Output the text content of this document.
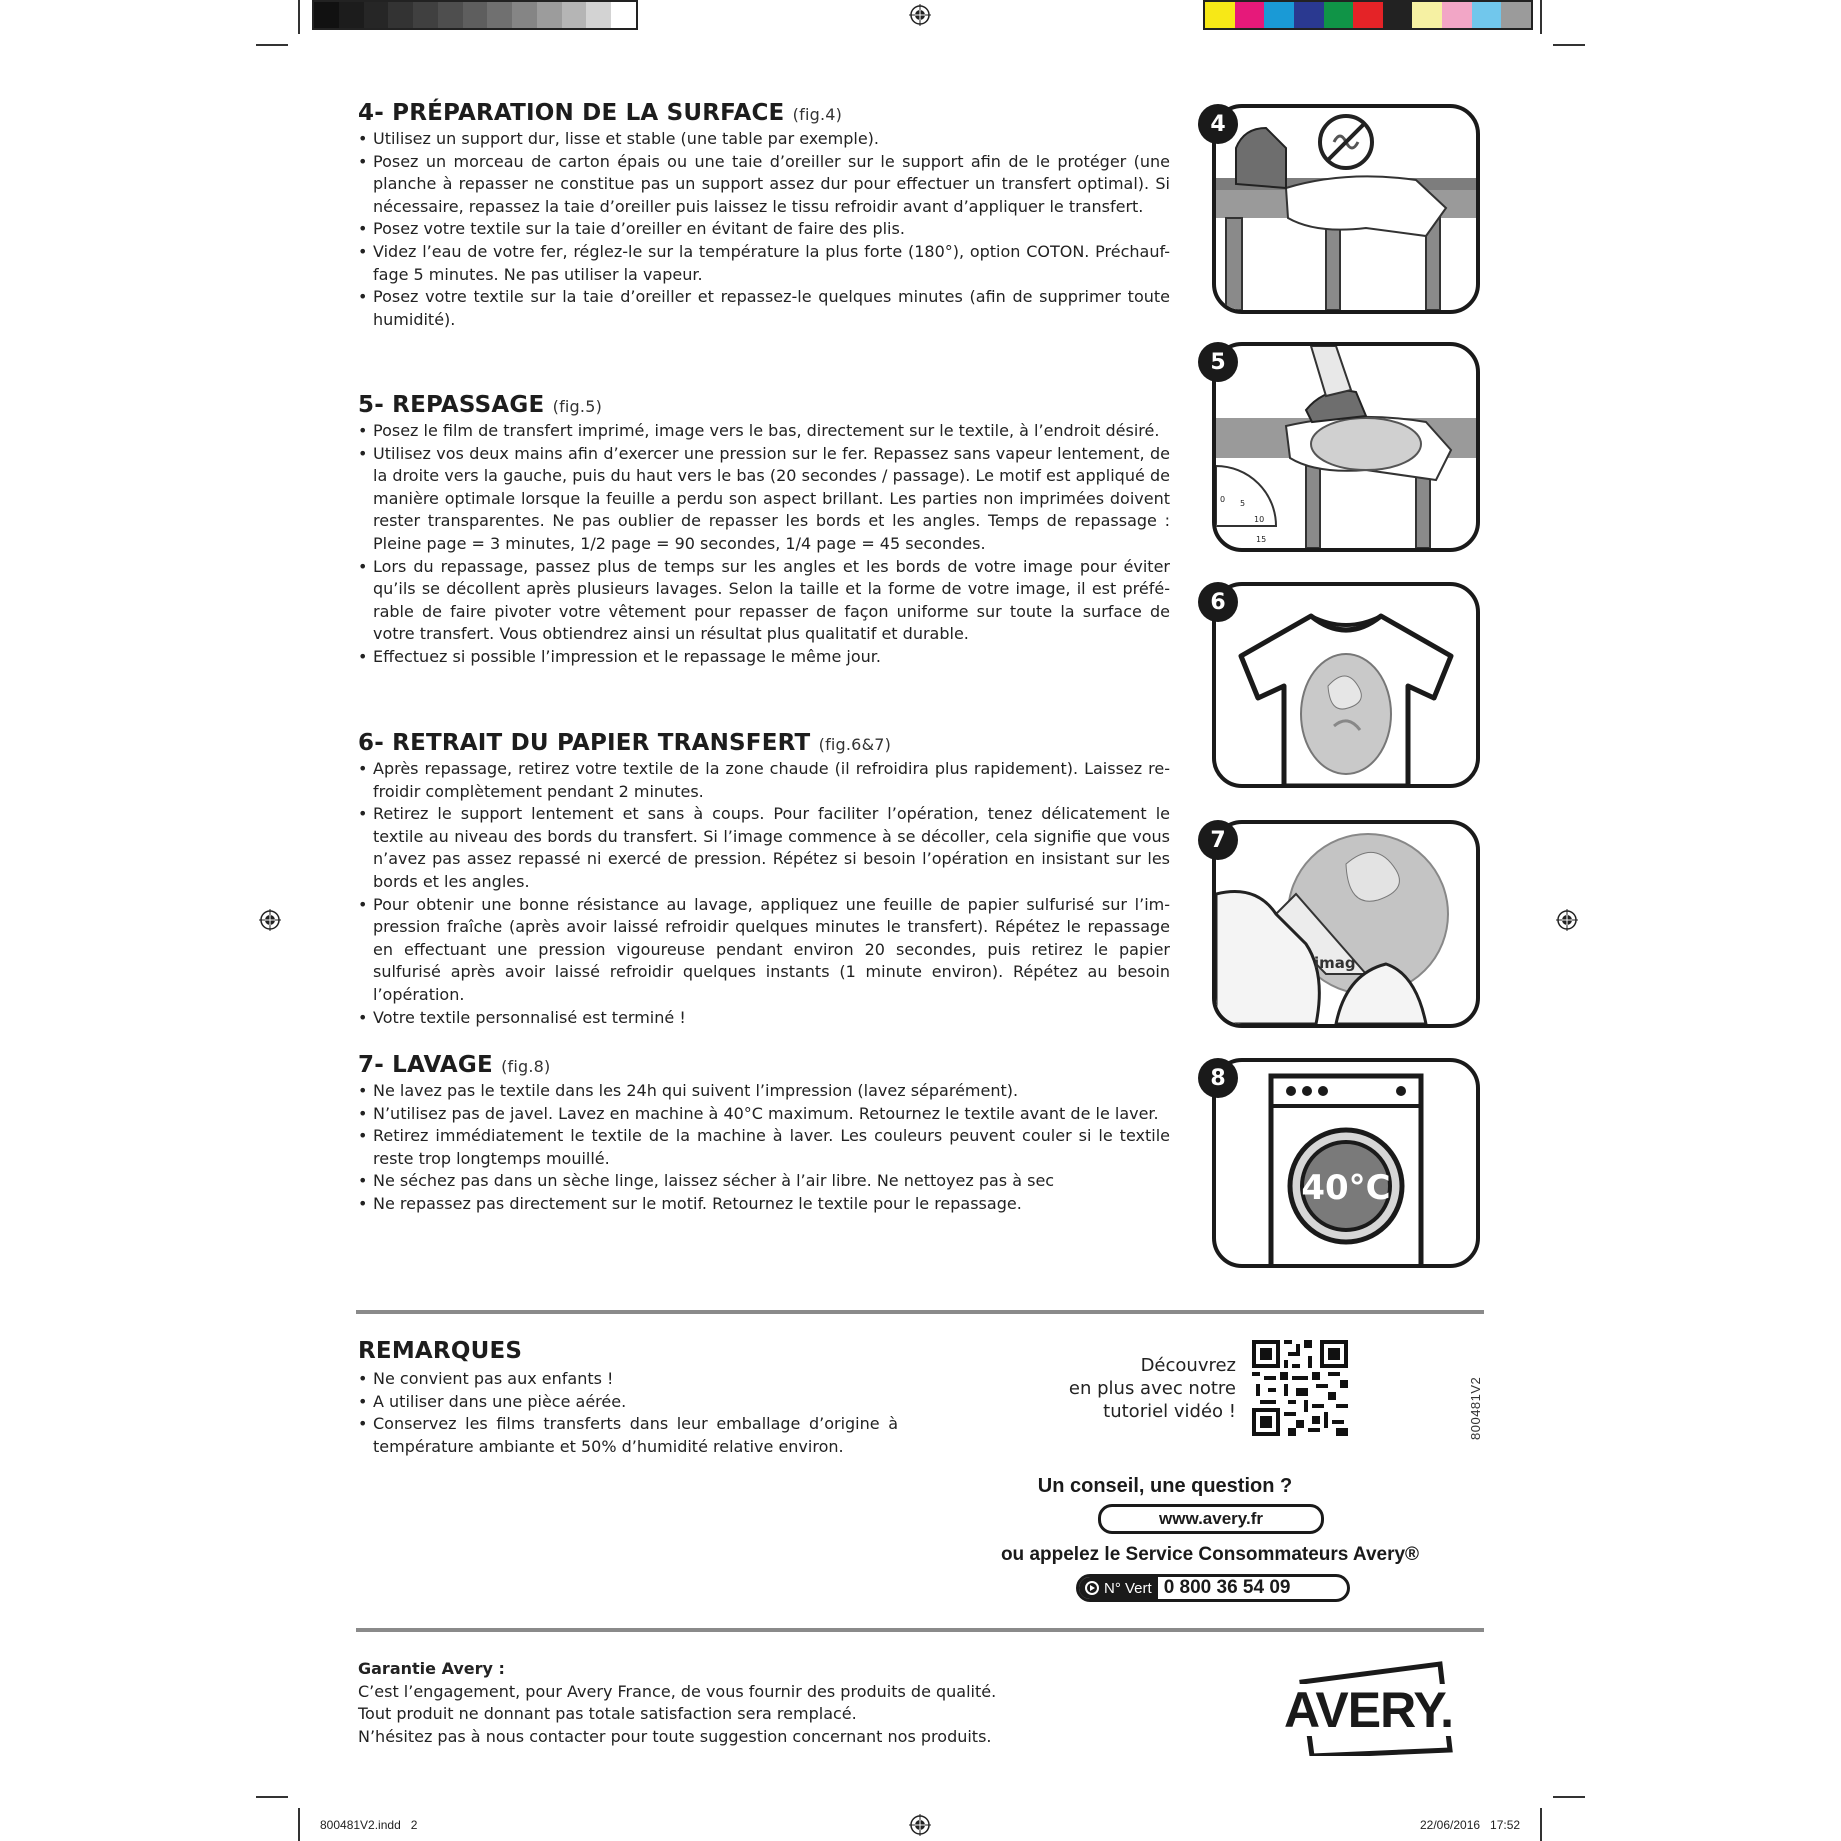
4- PRÉPARATION DE LA SURFACE (fig.4)
• Utilisez un support dur, lisse et stable (une table par exemple).
• Posez un morceau de carton épais ou une taie d’oreiller sur le support afin de le protéger (une planche à repasser ne constitue pas un support assez dur pour effectuer un transfert optimal). Si nécessaire, repassez la taie d’oreiller puis laissez le tissu refroidir avant d’appliquer le transfert.
• Posez votre textile sur la taie d’oreiller en évitant de faire des plis.
• Videz l’eau de votre fer, réglez-le sur la température la plus forte (180°), option COTON. Préchauf-fage 5 minutes. Ne pas utiliser la vapeur.
• Posez votre textile sur la taie d’oreiller et repassez-le quelques minutes (afin de supprimer toute humidité).
5- REPASSAGE (fig.5)
• Posez le film de transfert imprimé, image vers le bas, directement sur le textile, à l’endroit désiré.
• Utilisez vos deux mains afin d’exercer une pression sur le fer. Repassez sans vapeur lentement, de la droite vers la gauche, puis du haut vers le bas (20 secondes / passage). Le motif est appliqué de manière optimale lorsque la feuille a perdu son aspect brillant. Les parties non imprimées doivent rester transparentes. Ne pas oublier de repasser les bords et les angles. Temps de repassage : Pleine page = 3 minutes, 1/2 page = 90 secondes, 1/4 page = 45 secondes.
• Lors du repassage, passez plus de temps sur les angles et les bords de votre image pour éviter qu’ils se décollent après plusieurs lavages. Selon la taille et la forme de votre image, il est préfé-rable de faire pivoter votre vêtement pour repasser de façon uniforme sur toute la surface de votre transfert. Vous obtiendrez ainsi un résultat plus qualitatif et durable.
• Effectuez si possible l’impression et le repassage le même jour.
6- RETRAIT DU PAPIER TRANSFERT (fig.6&7)
• Après repassage, retirez votre textile de la zone chaude (il refroidira plus rapidement). Laissez re-froidir complètement pendant 2 minutes.
• Retirez le support lentement et sans à coups. Pour faciliter l’opération, tenez délicatement le textile au niveau des bords du transfert. Si l’image commence à se décoller, cela signifie que vous n’avez pas assez repassé ni exercé de pression. Répétez si besoin l’opération en insistant sur les bords et les angles.
• Pour obtenir une bonne résistance au lavage, appliquez une feuille de papier sulfurisé sur l’im-pression fraîche (après avoir laissé refroidir quelques minutes le transfert). Répétez le repassage en effectuant une pression vigoureuse pendant environ 20 secondes, puis retirez le papier sulfurisé après avoir laissé refroidir quelques instants (1 minute environ). Répétez au besoin l’opération.
• Votre textile personnalisé est terminé !
7- LAVAGE (fig.8)
• Ne lavez pas le textile dans les 24h qui suivent l’impression (lavez séparément).
• N’utilisez pas de javel. Lavez en machine à 40°C maximum. Retournez le textile avant de le laver.
• Retirez immédiatement le textile de la machine à laver. Les couleurs peuvent couler si le textile reste trop longtemps mouillé.
• Ne séchez pas dans un sèche linge, laissez sécher à l’air libre. Ne nettoyez pas à sec
• Ne repassez pas directement sur le motif. Retournez le textile pour le repassage.
4
5
0 5
10
15
6
7
imag
8
40°C
REMARQUES
• Ne convient pas aux enfants !
• A utiliser dans une pièce aérée.
• Conservez les films transferts dans leur emballage d’origine à température ambiante et 50% d’humidité relative environ.
Découvrez
en plus avec notre
tutoriel vidéo !
Un conseil, une question ?
www.avery.fr
ou appelez le Service Consommateurs Avery®
N° Vert 0 800 36 54 09
800481V2
Garantie Avery :
C’est l’engagement, pour Avery France, de vous fournir des produits de qualité.
Tout produit ne donnant pas totale satisfaction sera remplacé.
N’hésitez pas à nous contacter pour toute suggestion concernant nos produits.	AVERY.
800481V2.indd   2	22/06/2016   17:52
